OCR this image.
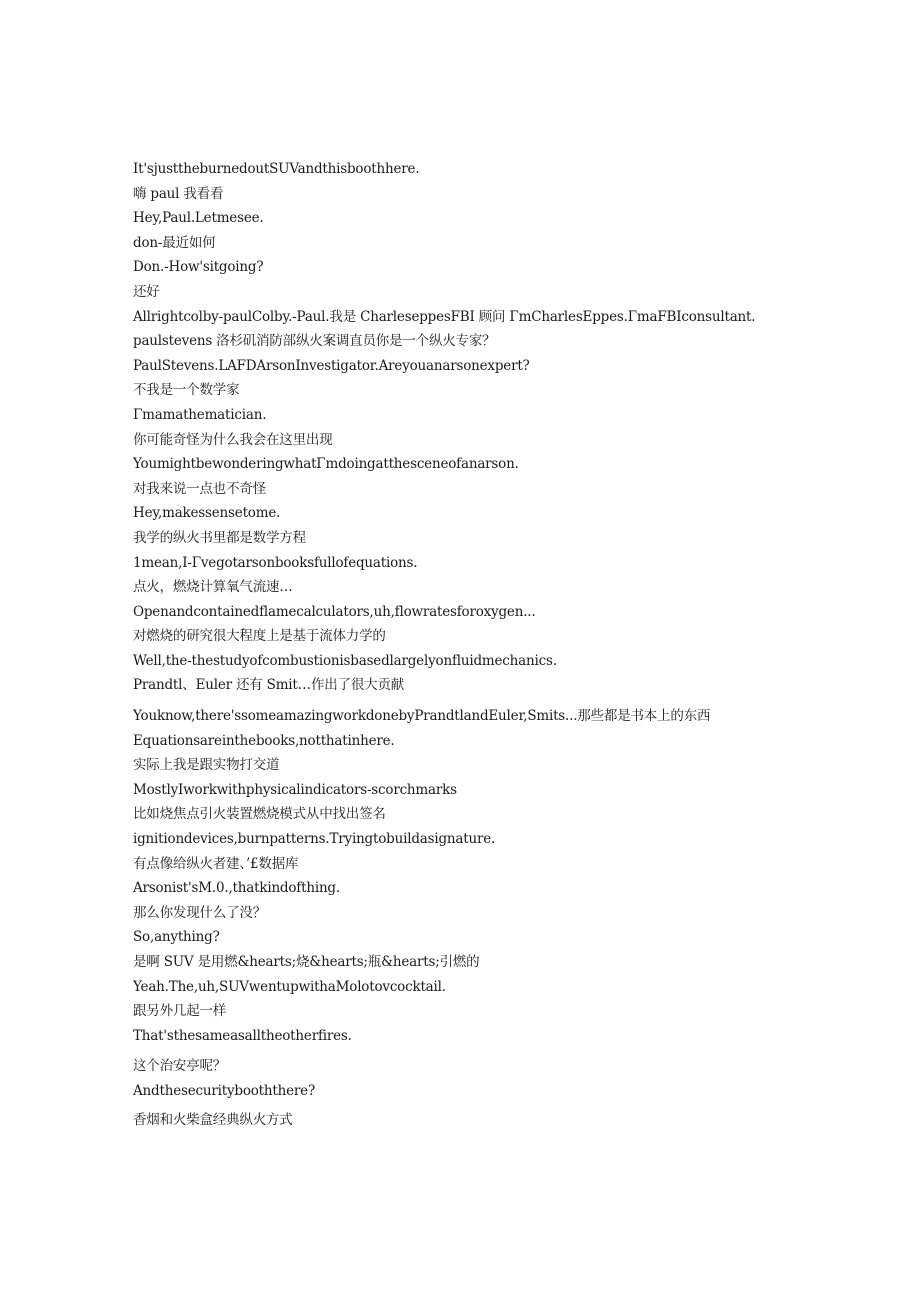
It'sjusttheburnedoutSUVandthisboothhere.
嗨 paul 我看看
Hey,Paul.Letmesee.
don-最近如何
Don.-How'sitgoing?
还好
Allrightcolby-paulColby.-Paul.我是 CharleseppesFBI 顾问 ΓmCharlesEppes.ΓmaFBIconsultant.
paulstevens 洛杉矶消防部纵火案调直员你是一个纵火专家？
PaulStevens.LAFDArsonInvestigator.Areyouanarsonexpert?
不我是一个数学家
Γmamathematician.
你可能奇怪为什么我会在这里出现
YoumightbewonderingwhatΓmdoingatthesceneofanarson.
对我来说一点也不奇怪
Hey,makessensetome.
我学的纵火书里都是数学方程
1mean,I-Γvegotarsonbooksfullofequations.
点火，燃烧计算氧气流速…
Openandcontainedflamecalculators,uh,flowratesforoxygen...
对燃烧的研究很大程度上是基于流体力学的
Well,the-thestudyofcombustionisbasedlargelyonfluidmechanics.
Prandtl、Euler 还有 Smit…作出了很大贡献
Youknow,there'ssomeamazingworkdonebyPrandtlandEuler,Smits...那些都是书本上的东西
Equationsareinthebooks,notthatinhere.
实际上我是跟实物打交道
MostlyIworkwithphysicalindicators-scorchmarks
比如烧焦点引火装置燃烧模式从中找出签名
ignitiondevices,burnpatterns.Tryingtobuildasignature.
有点像给纵火者建、’£数据库
Arsonist'sM.0.,thatkindofthing.
那么你发现什么了没？
So,anything?
是啊 SUV 是用燃&hearts;烧&hearts;瓶&hearts;引燃的
Yeah.The,uh,SUVwentupwithaMolotovcocktail.
跟另外几起一样
That'sthesameasalltheotherfires.
这个治安亭呢？
Andthesecuritybooththere?
香烟和火柴盒经典纵火方式
